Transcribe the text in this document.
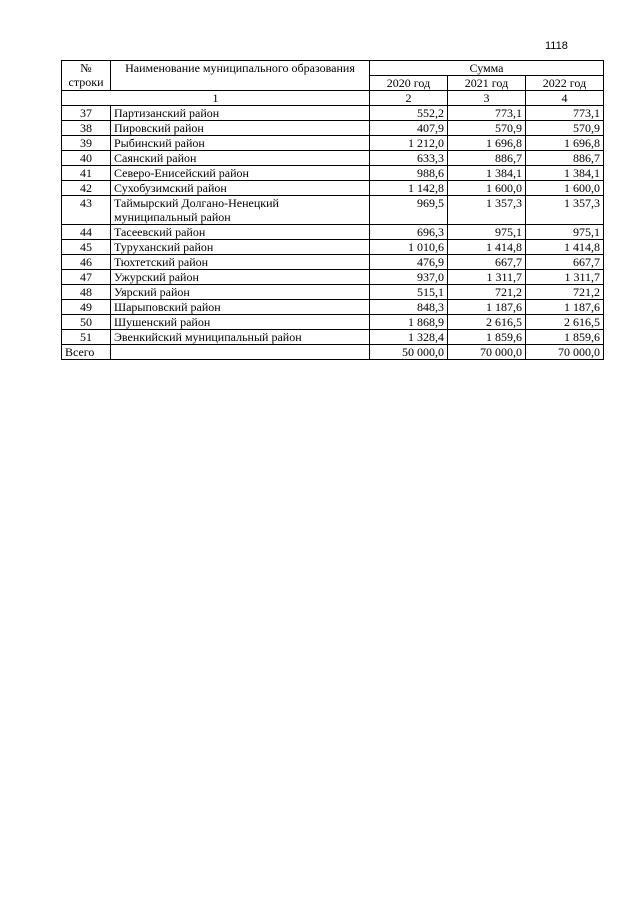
1118
№
строки	Наименование муниципального образования	Сумма		
		2020 год	2021 год	2022 год
1		2	3	4
37	Партизанский район	552,2	773,1	773,1
38	Пировский район	407,9	570,9	570,9
39	Рыбинский район	1 212,0	1 696,8	1 696,8
40	Саянский район	633,3	886,7	886,7
41	Северо-Енисейский район	988,6	1 384,1	1 384,1
42	Сухобузимский район	1 142,8	1 600,0	1 600,0
43	Таймырский Долгано-Ненецкий
муниципальный район	969,5	1 357,3	1 357,3
44	Тасеевский район	696,3	975,1	975,1
45	Туруханский район	1 010,6	1 414,8	1 414,8
46	Тюхтетский район	476,9	667,7	667,7
47	Ужурский район	937,0	1 311,7	1 311,7
48	Уярский район	515,1	721,2	721,2
49	Шарыповский район	848,3	1 187,6	1 187,6
50	Шушенский район	1 868,9	2 616,5	2 616,5
51	Эвенкийский муниципальный район	1 328,4	1 859,6	1 859,6
Всего		50 000,0	70 000,0	70 000,0
